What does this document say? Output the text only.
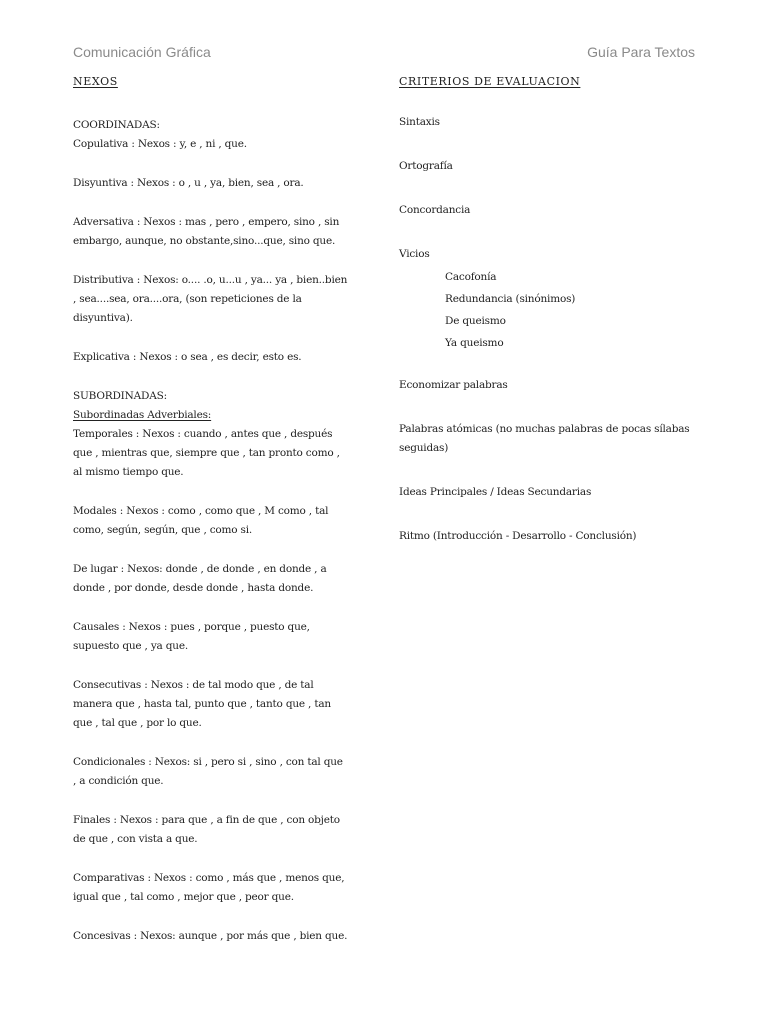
Comunicación Gráfica	Guía Para Textos
NEXOS
COORDINADAS:
Copulativa : Nexos : y, e , ni , que.
Disyuntiva : Nexos : o , u , ya, bien, sea , ora.
Adversativa : Nexos : mas , pero , empero, sino , sin embargo, aunque, no obstante,sino...que, sino que.
Distributiva : Nexos: o.... .o, u...u , ya... ya , bien..bien , sea....sea, ora....ora, (son repeticiones de la disyuntiva).
Explicativa : Nexos : o sea , es decir, esto es.
SUBORDINADAS:
Subordinadas Adverbiales:
Temporales : Nexos : cuando , antes que , después que , mientras que, siempre que , tan pronto como , al mismo tiempo que.
Modales : Nexos : como , como que , M como , tal como, según, según, que , como si.
De lugar : Nexos: donde , de donde , en donde , a donde , por donde, desde donde , hasta donde.
Causales : Nexos : pues , porque , puesto que, supuesto que , ya que.
Consecutivas : Nexos : de tal modo que , de tal manera que , hasta tal, punto que , tanto que , tan que , tal que , por lo que.
Condicionales : Nexos: si , pero si , sino , con tal que , a condición que.
Finales : Nexos : para que , a fin de que , con objeto de que , con vista a que.
Comparativas : Nexos : como , más que , menos que, igual que , tal como , mejor que , peor que.
Concesivas : Nexos: aunque , por más que , bien que.
CRITERIOS DE EVALUACION
Sintaxis
Ortografía
Concordancia
Vicios
Cacofonía
Redundancia (sinónimos)
De queismo
Ya queismo
Economizar palabras
Palabras atómicas (no muchas palabras de pocas sílabas seguidas)
Ideas Principales / Ideas Secundarias
Ritmo (Introducción - Desarrollo - Conclusión)
